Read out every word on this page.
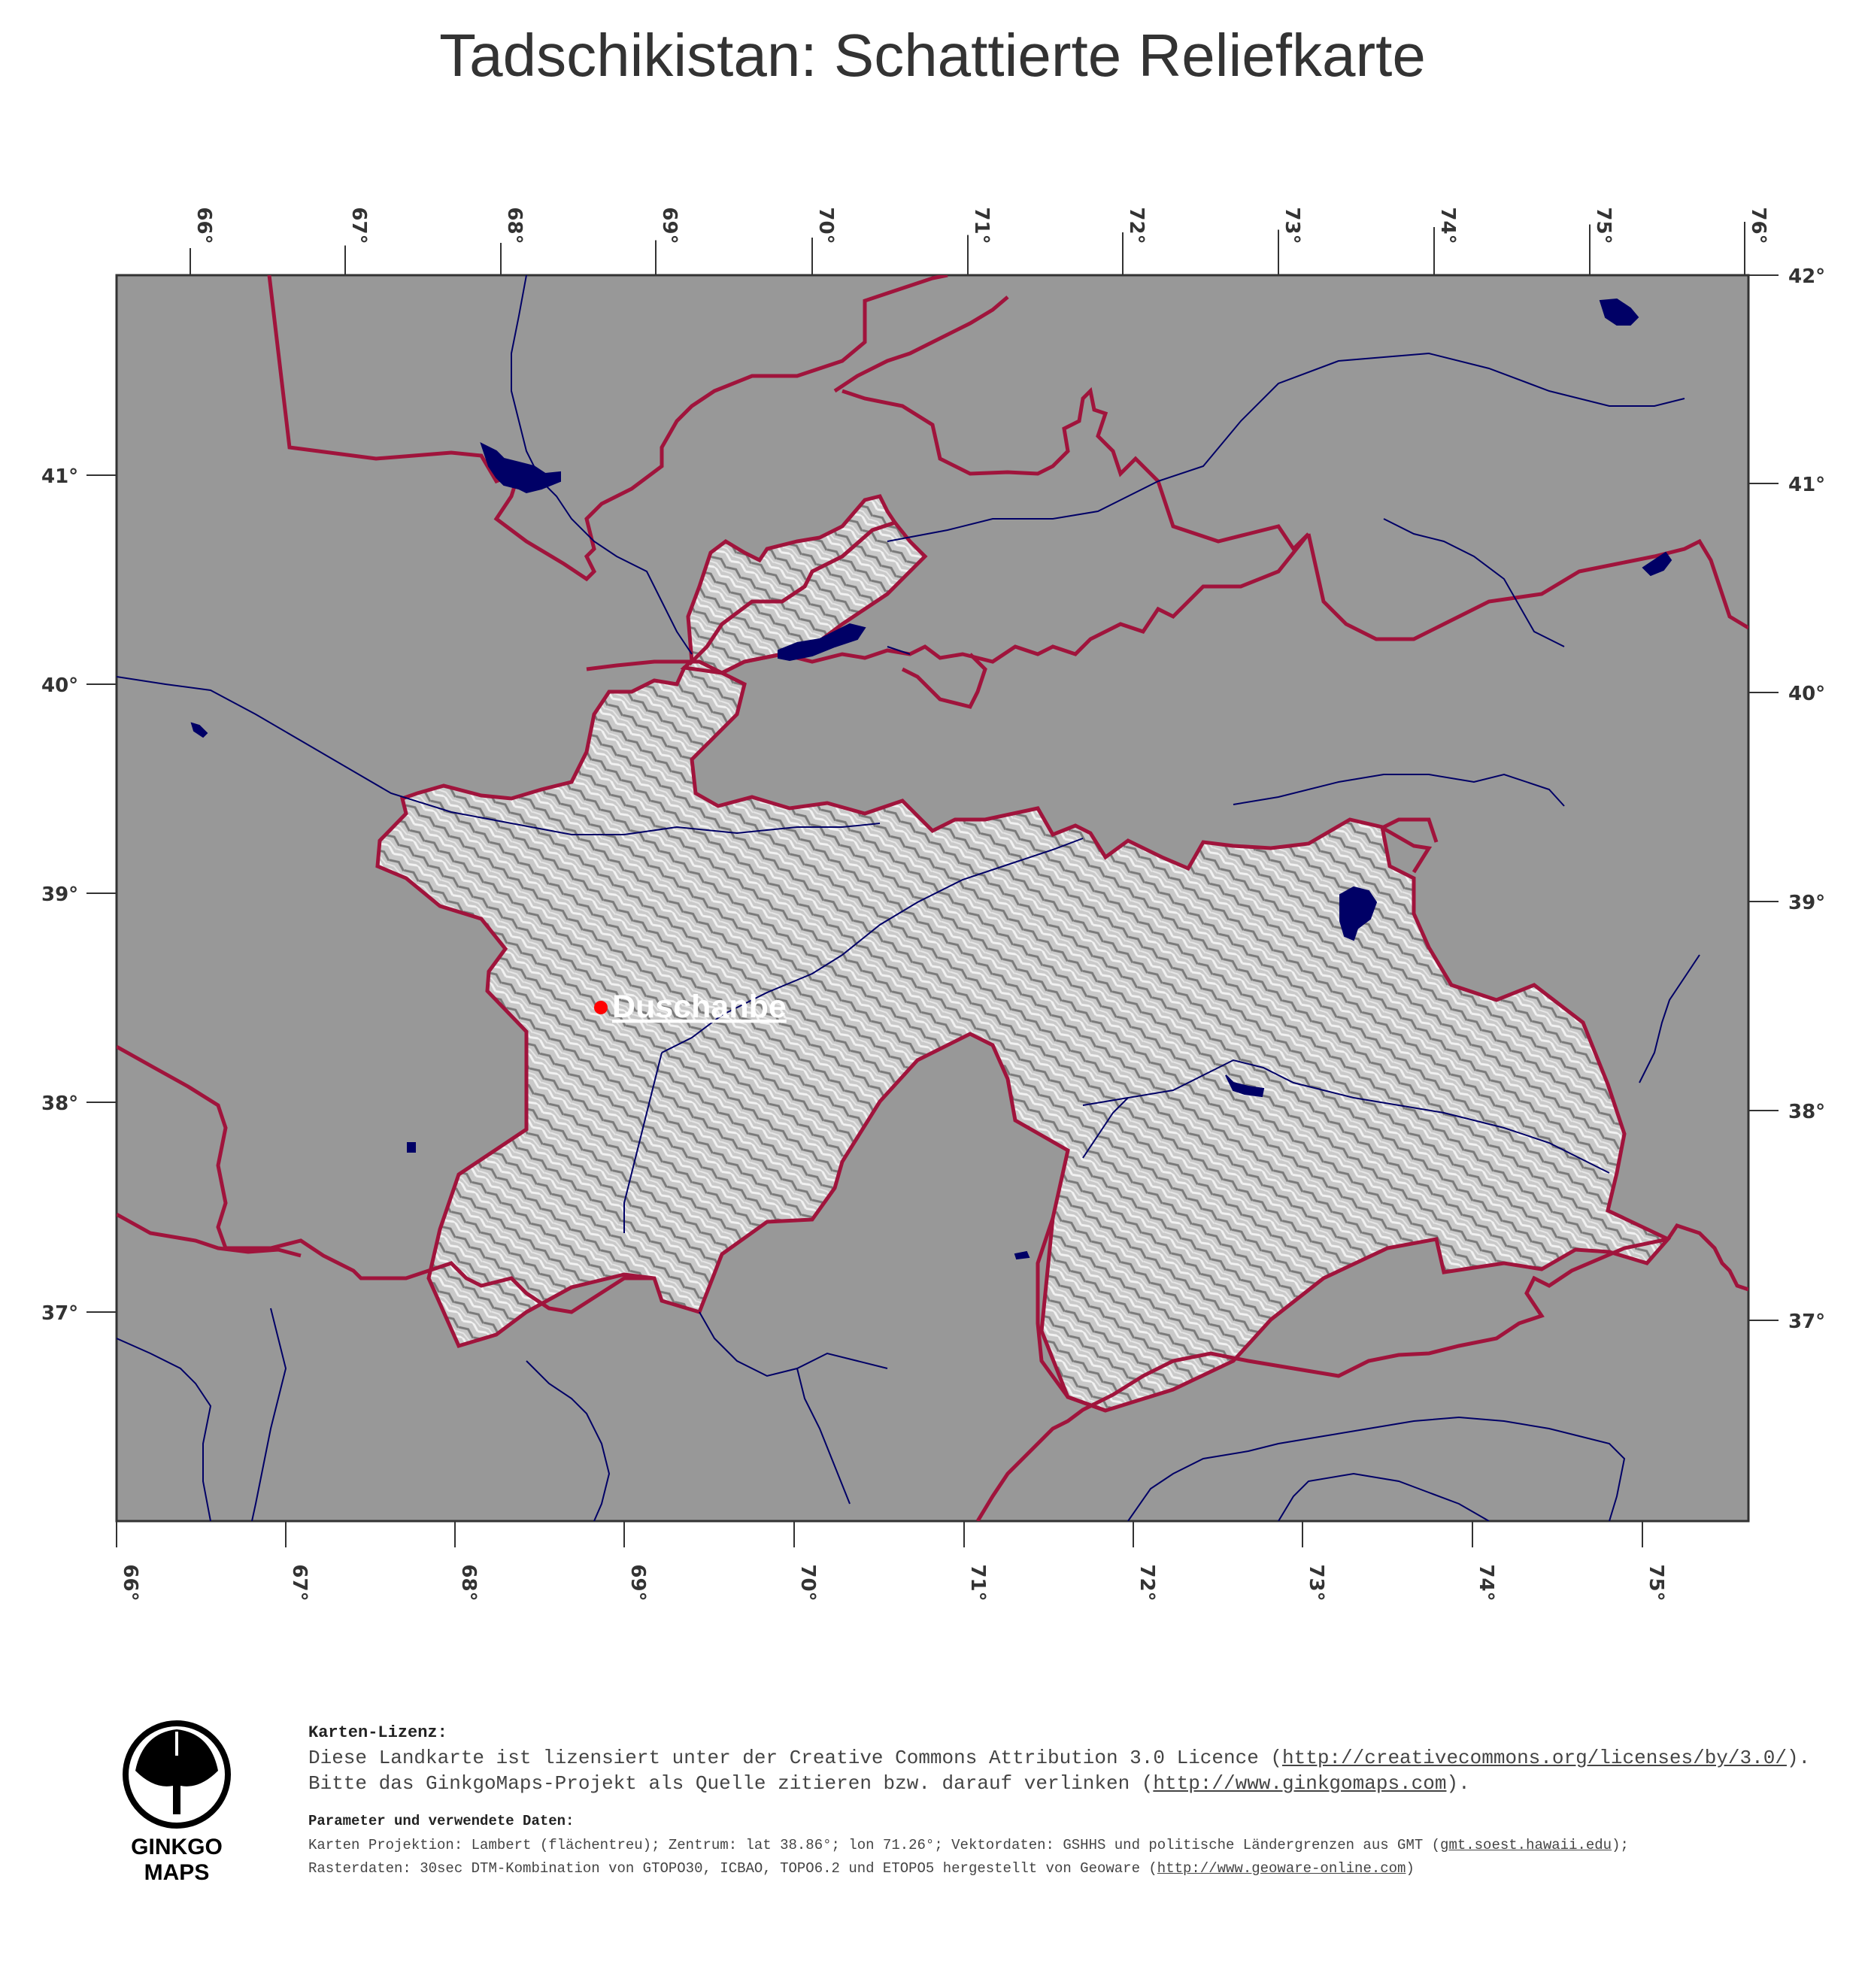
Tadschikistan: Schattierte Reliefkarte
Duschanbe
66°	67°	68°	69°	70°	71°	72°	73°	74°	75°	76°
66°	67°	68°	69°	70°	71°	72°	73°	74°	75°
41°
40°
39°
38°
37°
42°
41°
40°
39°
38°
37°
GINKGO
MAPS

Karten-Lizenz:

Diese Landkarte ist lizensiert unter der Creative Commons Attribution 3.0 Licence (http://creativecommons.org/licenses/by/3.0/).

Bitte das GinkgoMaps-Projekt als Quelle zitieren bzw. darauf verlinken (http://www.ginkgomaps.com).

Parameter und verwendete Daten:

Karten Projektion: Lambert (flächentreu); Zentrum: lat 38.86°; lon 71.26°; Vektordaten: GSHHS und politische Ländergrenzen aus GMT (gmt.soest.hawaii.edu);

Rasterdaten: 30sec DTM-Kombination von GTOPO30, ICBAO, TOPO6.2 und ETOPO5 hergestellt von Geoware (http://www.geoware-online.com)
